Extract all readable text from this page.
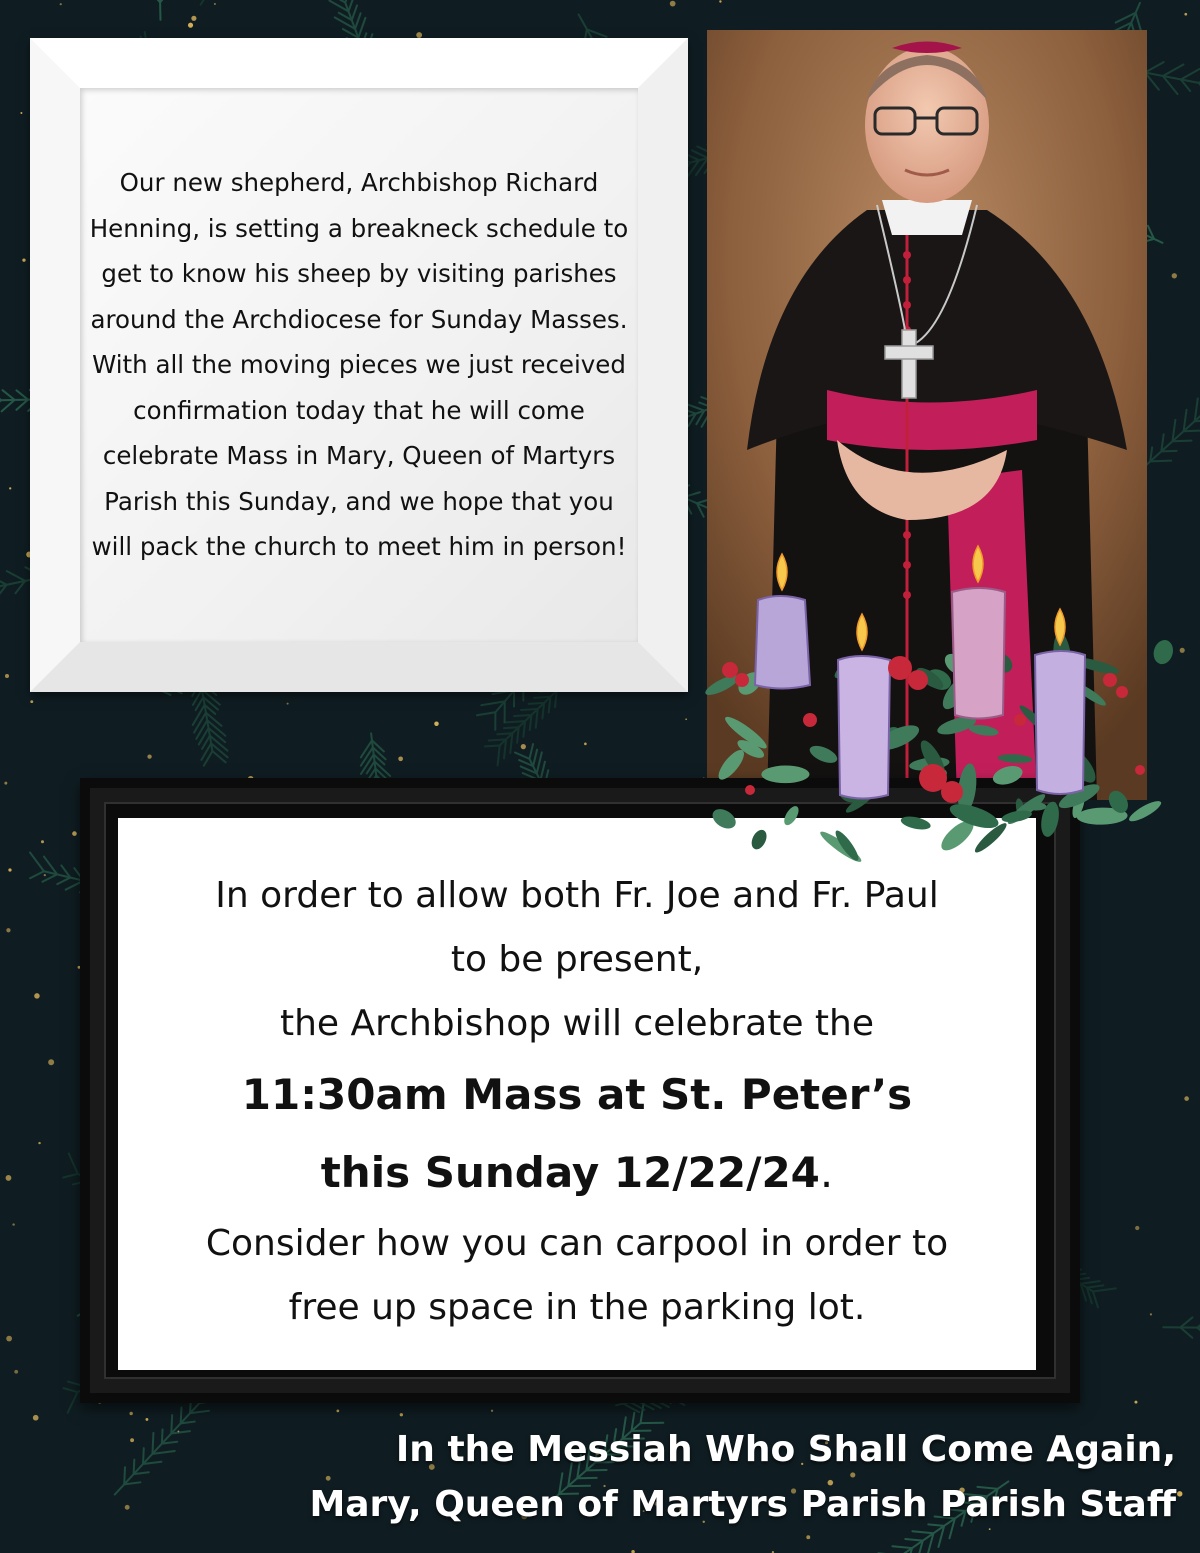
Our new shepherd, Archbishop Richard Henning, is setting a breakneck schedule to get to know his sheep by visiting parishes around the Archdiocese for Sunday Masses. With all the moving pieces we just received confirmation today that he will come celebrate Mass in Mary, Queen of Martyrs Parish this Sunday, and we hope that you will pack the church to meet him in person!

In order to allow both Fr. Joe and Fr. Paul
to be present,
the Archbishop will celebrate the
11:30am Mass at St. Peter’s
this Sunday 12/22/24.
Consider how you can carpool in order to
free up space in the parking lot.
In the Messiah Who Shall Come Again,
Mary, Queen of Martyrs Parish Parish Staff
